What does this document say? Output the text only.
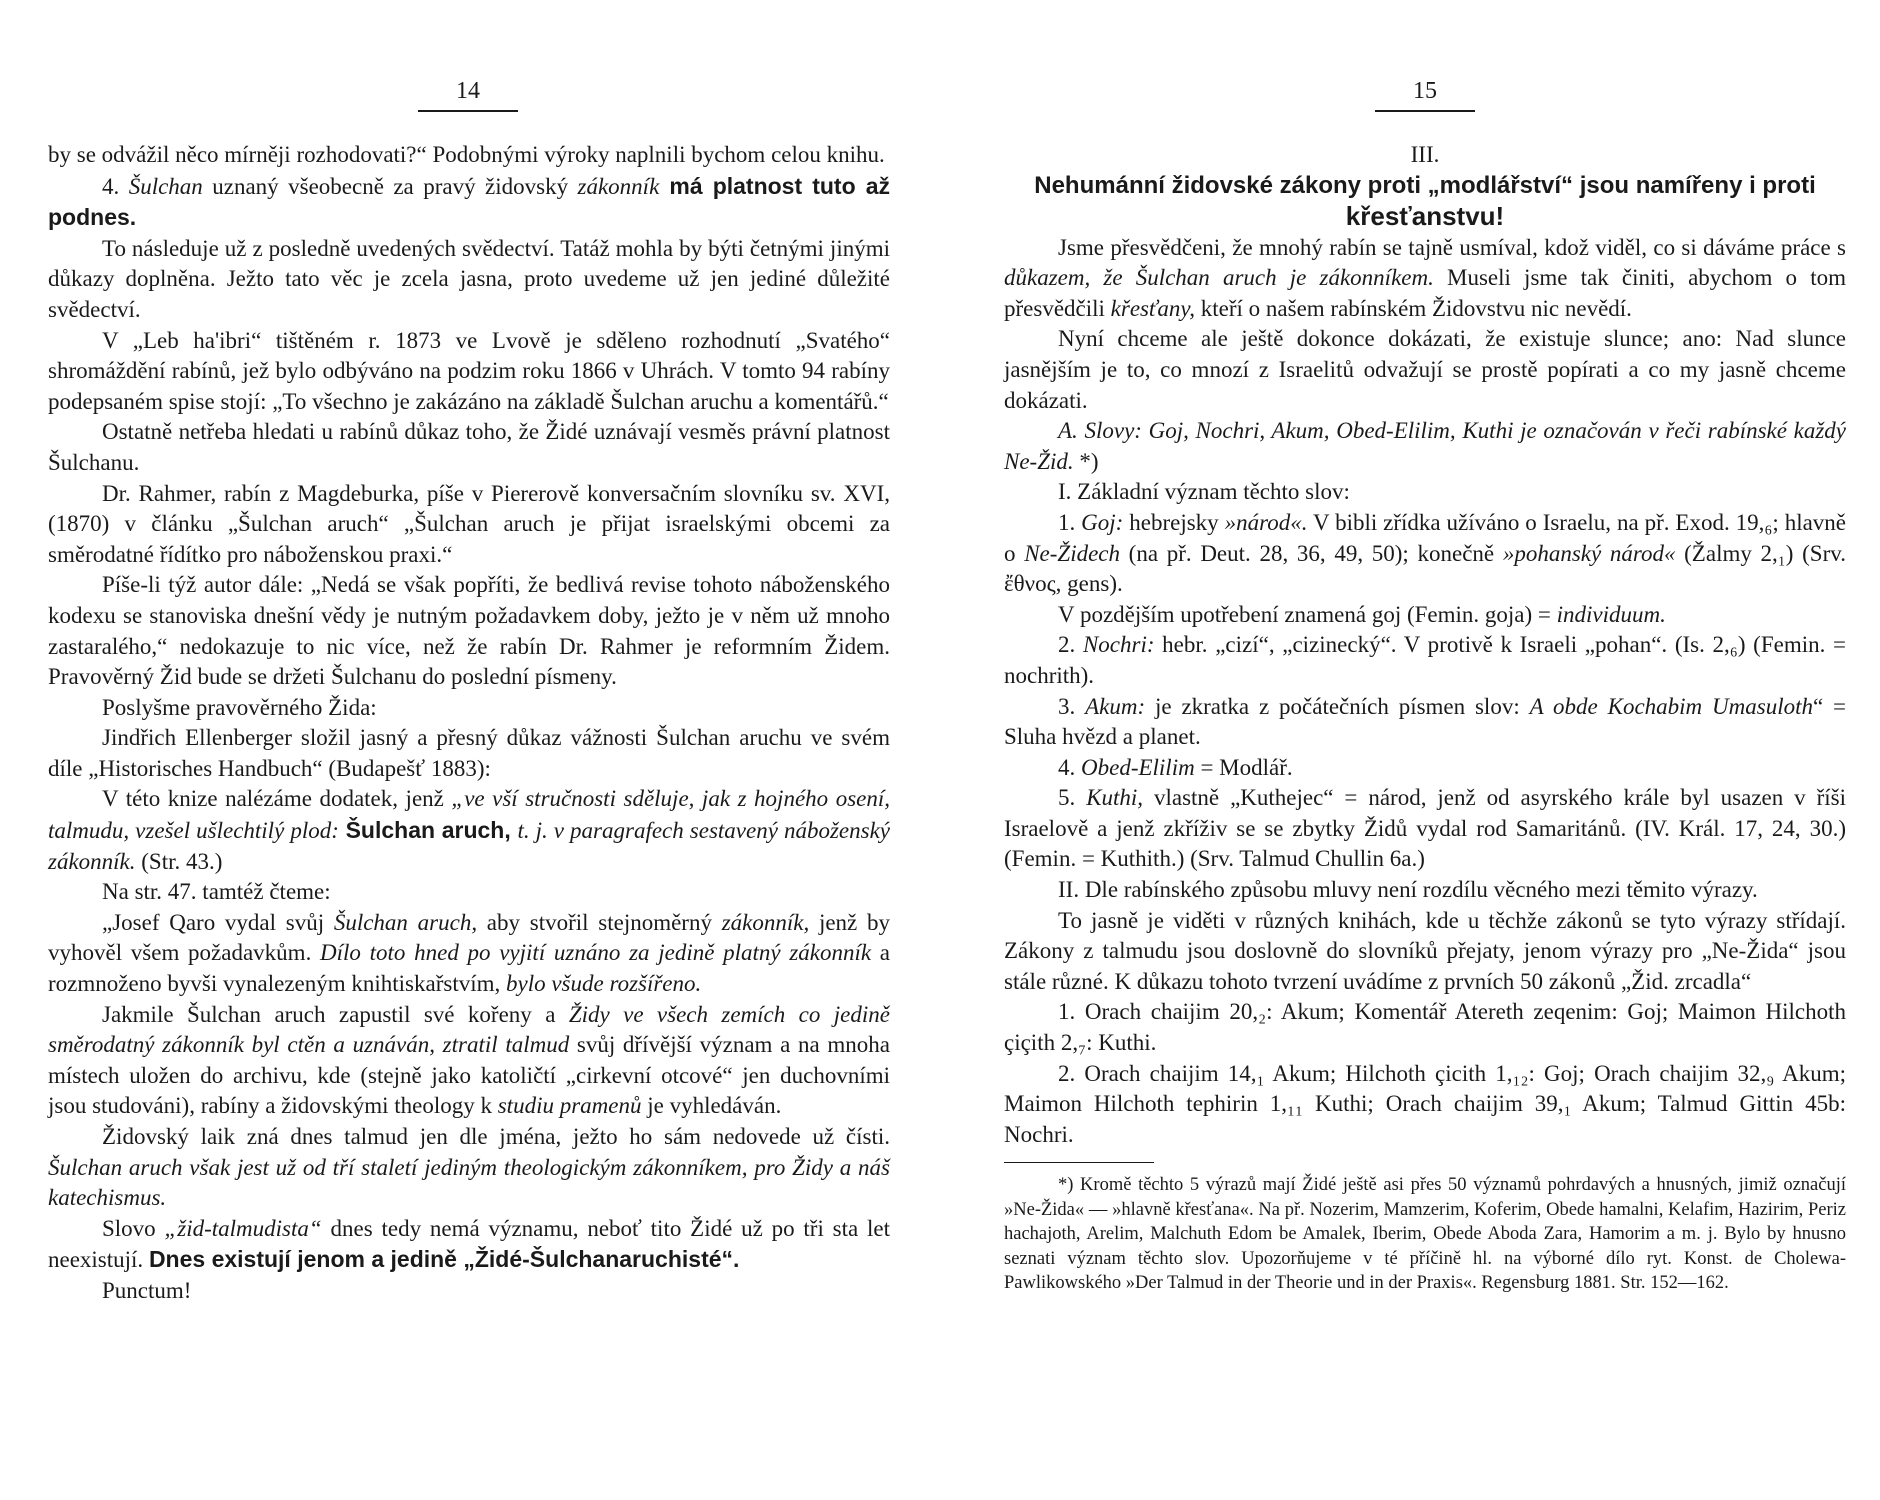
14

by se odvážil něco mírněji rozhodovati?“ Podobnými výroky naplnili bychom celou knihu.

4. Šulchan uznaný všeobecně za pravý židovský zákonník má platnost tuto až podnes.

To následuje už z posledně uvedených svědectví. Tatáž mohla by býti četnými jinými důkazy doplněna. Ježto tato věc je zcela jasna, proto uvedeme už jen jediné důležité svědectví.

V „Leb ha'ibri“ tištěném r. 1873 ve Lvově je sděleno rozhodnutí „Svatého“ shromáždění rabínů, jež bylo odbýváno na podzim roku 1866 v Uhrách. V tomto 94 rabíny podepsaném spise stojí: „To všechno je zakázáno na základě Šulchan aruchu a komentářů.“

Ostatně netřeba hledati u rabínů důkaz toho, že Židé uznávají vesměs právní platnost Šulchanu.

Dr. Rahmer, rabín z Magdeburka, píše v Piererově konversačním slovníku sv. XVI, (1870) v článku „Šulchan aruch“ „Šulchan aruch je přijat israelskými obcemi za směrodatné řídítko pro náboženskou praxi.“

Píše-li týž autor dále: „Nedá se však popříti, že bedlivá revise tohoto náboženského kodexu se stanoviska dnešní vědy je nutným požadavkem doby, ježto je v něm už mnoho zastaralého,“ nedokazuje to nic více, než že rabín Dr. Rahmer je reformním Židem. Pravověrný Žid bude se držeti Šulchanu do poslední písmeny.

Poslyšme pravověrného Žida:

Jindřich Ellenberger složil jasný a přesný důkaz vážnosti Šulchan aruchu ve svém díle „Historisches Handbuch“ (Budapešť 1883):

V této knize nalézáme dodatek, jenž „ve vší stručnosti sděluje, jak z hojného osení, talmudu, vzešel ušlechtilý plod: Šulchan aruch, t. j. v paragrafech sestavený náboženský zákonník. (Str. 43.)

Na str. 47. tamtéž čteme:

„Josef Qaro vydal svůj Šulchan aruch, aby stvořil stejnoměrný zákonník, jenž by vyhověl všem požadavkům. Dílo toto hned po vyjití uznáno za jedině platný zákonník a rozmnoženo byvši vynalezeným knihtiskařstvím, bylo všude rozšířeno.

Jakmile Šulchan aruch zapustil své kořeny a Židy ve všech zemích co jedině směrodatný zákonník byl ctěn a uznáván, ztratil talmud svůj dřívější význam a na mnoha místech uložen do archivu, kde (stejně jako katoličtí „cirkevní otcové“ jen duchovními jsou studováni), rabíny a židovskými theology k studiu pramenů je vyhledáván.

Židovský laik zná dnes talmud jen dle jména, ježto ho sám nedovede už čísti. Šulchan aruch však jest už od tří staletí jediným theologickým zákonníkem, pro Židy a náš katechismus.

Slovo „žid-talmudista“ dnes tedy nemá významu, neboť tito Židé už po tři sta let neexistují. Dnes existují jenom a jedině „Židé-Šulchanaruchisté“.

Punctum!

15

III.

Nehumánní židovské zákony proti „modlářství“ jsou namířeny i proti křesťanstvu!

Jsme přesvědčeni, že mnohý rabín se tajně usmíval, kdož viděl, co si dáváme práce s důkazem, že Šulchan aruch je zákonníkem. Museli jsme tak činiti, abychom o tom přesvědčili křesťany, kteří o našem rabínském Židovstvu nic nevědí.

Nyní chceme ale ještě dokonce dokázati, že existuje slunce; ano: Nad slunce jasnějším je to, co mnozí z Israelitů odvažují se prostě popírati a co my jasně chceme dokázati.

A. Slovy: Goj, Nochri, Akum, Obed-Elilim, Kuthi je označován v řeči rabínské každý Ne-Žid. *)

I. Základní význam těchto slov:

1. Goj: hebrejsky »národ«. V bibli zřídka užíváno o Israelu, na př. Exod. 19,₆; hlavně o Ne-Židech (na př. Deut. 28, 36, 49, 50); konečně »pohanský národ« (Žalmy 2,₁) (Srv. ἔθνος, gens).

V pozdějším upotřebení znamená goj (Femin. goja) = individuum.

2. Nochri: hebr. „cizí“, „cizinecký“. V protivě k Israeli „pohan“. (Is. 2,₆) (Femin. = nochrith).

3. Akum: je zkratka z počátečních písmen slov: A obde Kochabim Umasuloth“ = Sluha hvězd a planet.

4. Obed-Elilim = Modlář.

5. Kuthi, vlastně „Kuthejec“ = národ, jenž od asyrského krále byl usazen v říši Israelově a jenž zkříživ se se zbytky Židů vydal rod Samaritánů. (IV. Král. 17, 24, 30.) (Femin. = Kuthith.) (Srv. Talmud Chullin 6a.)

II. Dle rabínského způsobu mluvy není rozdílu věcného mezi těmito výrazy.

To jasně je viděti v různých knihách, kde u těchže zákonů se tyto výrazy střídají. Zákony z talmudu jsou doslovně do slovníků přejaty, jenom výrazy pro „Ne-Žida“ jsou stále různé. K důkazu tohoto tvrzení uvádíme z prvních 50 zákonů „Žid. zrcadla“

1. Orach chaijim 20,₂: Akum; Komentář Atereth zeqenim: Goj; Maimon Hilchoth çiçith 2,₇: Kuthi.

2. Orach chaijim 14,₁ Akum; Hilchoth çicith 1,₁₂: Goj; Orach chaijim 32,₉ Akum; Maimon Hilchoth tephirin 1,₁₁ Kuthi; Orach chaijim 39,₁ Akum; Talmud Gittin 45b: Nochri.

*) Kromě těchto 5 výrazů mají Židé ještě asi přes 50 významů pohrdavých a hnusných, jimiž označují »Ne-Žida« — »hlavně křesťana«. Na př. Nozerim, Mamzerim, Koferim, Obede hamalni, Kelafim, Hazirim, Periz hachajoth, Arelim, Malchuth Edom be Amalek, Iberim, Obede Aboda Zara, Hamorim a m. j. Bylo by hnusno seznati význam těchto slov. Upozorňujeme v té příčině hl. na výborné dílo ryt. Konst. de Cholewa-Pawlikowského »Der Talmud in der Theorie und in der Praxis«. Regensburg 1881. Str. 152—162.
